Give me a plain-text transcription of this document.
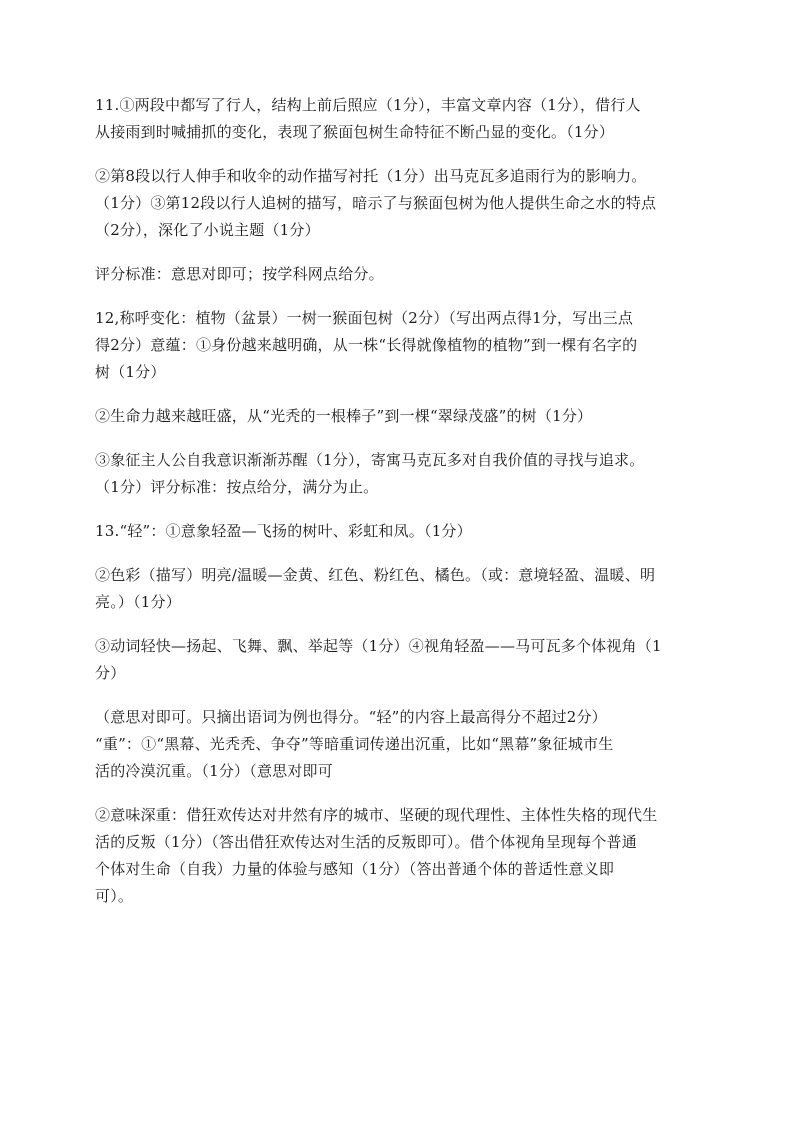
11.①两段中都写了行人，结构上前后照应（1分），丰富文章内容（1分），借行人
从接雨到时喊捕抓的变化，表现了猴面包树生命特征不断凸显的变化。（1分）

②第8段以行人伸手和收伞的动作描写衬托（1分）出马克瓦多追雨行为的影响力。
（1分）③第12段以行人追树的描写，暗示了与猴面包树为他人提供生命之水的特点
（2分），深化了小说主题（1分）

评分标准：意思对即可；按学科网点给分。

12,称呼变化：植物（盆景）一树一猴面包树（2分）（写出两点得1分，写出三点
得2分）意蕴：①身份越来越明确，从一株“长得就像植物的植物”到一棵有名字的
树（1分）

②生命力越来越旺盛，从“光秃的一根棒子”到一棵“翠绿茂盛”的树（1分）

③象征主人公自我意识渐渐苏醒（1分），寄寓马克瓦多对自我价值的寻找与追求。
（1分）评分标准：按点给分，满分为止。

13.“轻”：①意象轻盈—飞扬的树叶、彩虹和凤。（1分）

②色彩（描写）明亮/温暖—金黄、红色、粉红色、橘色。（或：意境轻盈、温暖、明
亮。）（1分）

③动词轻快—扬起、飞舞、飘、举起等（1分）④视角轻盈——马可瓦多个体视角（1
分）

（意思对即可。只摘出语词为例也得分。“轻”的内容上最高得分不超过2分）
“重”：①“黑幕、光秃秃、争夺”等暗重词传递出沉重，比如“黑幕”象征城市生
活的冷漠沉重。（1分）（意思对即可

②意味深重：借狂欢传达对井然有序的城市、坚硬的现代理性、主体性失格的现代生
活的反叛（1分）（答出借狂欢传达对生活的反叛即可）。借个体视角呈现每个普通
个体对生命（自我）力量的体验与感知（1分）（答出普通个体的普适性意义即
可）。
